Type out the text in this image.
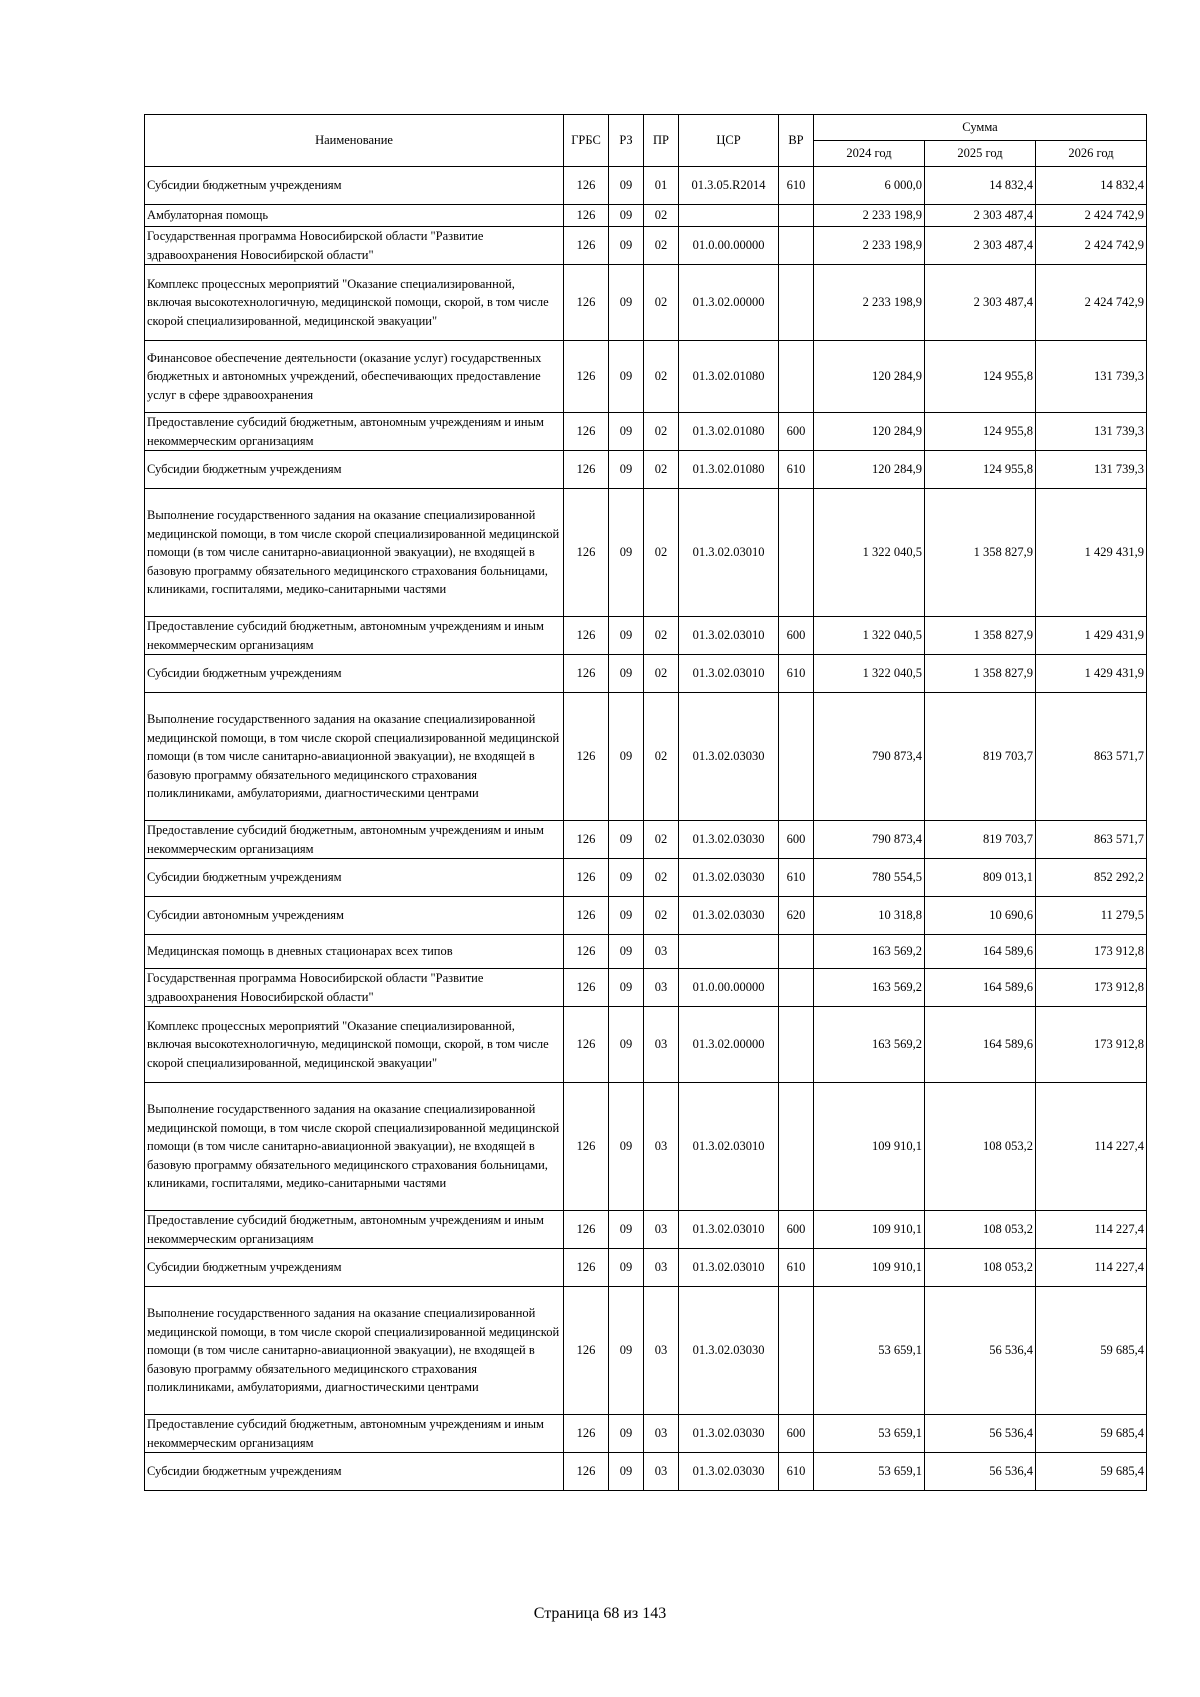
Наименование	ГРБС	РЗ	ПР	ЦСР	ВР	Сумма		
						2024 год	2025 год	2026 год
Субсидии бюджетным учреждениям	126	09	01	01.3.05.R2014	610	6 000,0	14 832,4	14 832,4
Амбулаторная помощь	126	09	02			2 233 198,9	2 303 487,4	2 424 742,9
Государственная программа Новосибирской области "Развитие здравоохранения Новосибирской области"	126	09	02	01.0.00.00000		2 233 198,9	2 303 487,4	2 424 742,9
Комплекс процессных мероприятий "Оказание специализированной, включая высокотехнологичную, медицинской помощи, скорой, в том числе скорой специализированной, медицинской эвакуации"	126	09	02	01.3.02.00000		2 233 198,9	2 303 487,4	2 424 742,9
Финансовое обеспечение деятельности (оказание услуг) государственных бюджетных и автономных учреждений, обеспечивающих предоставление услуг в сфере здравоохранения	126	09	02	01.3.02.01080		120 284,9	124 955,8	131 739,3
Предоставление субсидий бюджетным, автономным учреждениям и иным некоммерческим организациям	126	09	02	01.3.02.01080	600	120 284,9	124 955,8	131 739,3
Субсидии бюджетным учреждениям	126	09	02	01.3.02.01080	610	120 284,9	124 955,8	131 739,3
Выполнение государственного задания на оказание специализированной медицинской помощи, в том числе скорой специализированной медицинской помощи (в том числе санитарно-авиационной эвакуации), не входящей в базовую программу обязательного медицинского страхования больницами, клиниками, госпиталями, медико-санитарными частями	126	09	02	01.3.02.03010		1 322 040,5	1 358 827,9	1 429 431,9
Предоставление субсидий бюджетным, автономным учреждениям и иным некоммерческим организациям	126	09	02	01.3.02.03010	600	1 322 040,5	1 358 827,9	1 429 431,9
Субсидии бюджетным учреждениям	126	09	02	01.3.02.03010	610	1 322 040,5	1 358 827,9	1 429 431,9
Выполнение государственного задания на оказание специализированной медицинской помощи, в том числе скорой специализированной медицинской помощи (в том числе санитарно-авиационной эвакуации), не входящей в базовую программу обязательного медицинского страхования поликлиниками, амбулаториями, диагностическими центрами	126	09	02	01.3.02.03030		790 873,4	819 703,7	863 571,7
Предоставление субсидий бюджетным, автономным учреждениям и иным некоммерческим организациям	126	09	02	01.3.02.03030	600	790 873,4	819 703,7	863 571,7
Субсидии бюджетным учреждениям	126	09	02	01.3.02.03030	610	780 554,5	809 013,1	852 292,2
Субсидии автономным учреждениям	126	09	02	01.3.02.03030	620	10 318,8	10 690,6	11 279,5
Медицинская помощь в дневных стационарах всех типов	126	09	03			163 569,2	164 589,6	173 912,8
Государственная программа Новосибирской области "Развитие здравоохранения Новосибирской области"	126	09	03	01.0.00.00000		163 569,2	164 589,6	173 912,8
Комплекс процессных мероприятий "Оказание специализированной, включая высокотехнологичную, медицинской помощи, скорой, в том числе скорой специализированной, медицинской эвакуации"	126	09	03	01.3.02.00000		163 569,2	164 589,6	173 912,8
Выполнение государственного задания на оказание специализированной медицинской помощи, в том числе скорой специализированной медицинской помощи (в том числе санитарно-авиационной эвакуации), не входящей в базовую программу обязательного медицинского страхования больницами, клиниками, госпиталями, медико-санитарными частями	126	09	03	01.3.02.03010		109 910,1	108 053,2	114 227,4
Предоставление субсидий бюджетным, автономным учреждениям и иным некоммерческим организациям	126	09	03	01.3.02.03010	600	109 910,1	108 053,2	114 227,4
Субсидии бюджетным учреждениям	126	09	03	01.3.02.03010	610	109 910,1	108 053,2	114 227,4
Выполнение государственного задания на оказание специализированной медицинской помощи, в том числе скорой специализированной медицинской помощи (в том числе санитарно-авиационной эвакуации), не входящей в базовую программу обязательного медицинского страхования поликлиниками, амбулаториями, диагностическими центрами	126	09	03	01.3.02.03030		53 659,1	56 536,4	59 685,4
Предоставление субсидий бюджетным, автономным учреждениям и иным некоммерческим организациям	126	09	03	01.3.02.03030	600	53 659,1	56 536,4	59 685,4
Субсидии бюджетным учреждениям	126	09	03	01.3.02.03030	610	53 659,1	56 536,4	59 685,4
Страница 68 из 143
